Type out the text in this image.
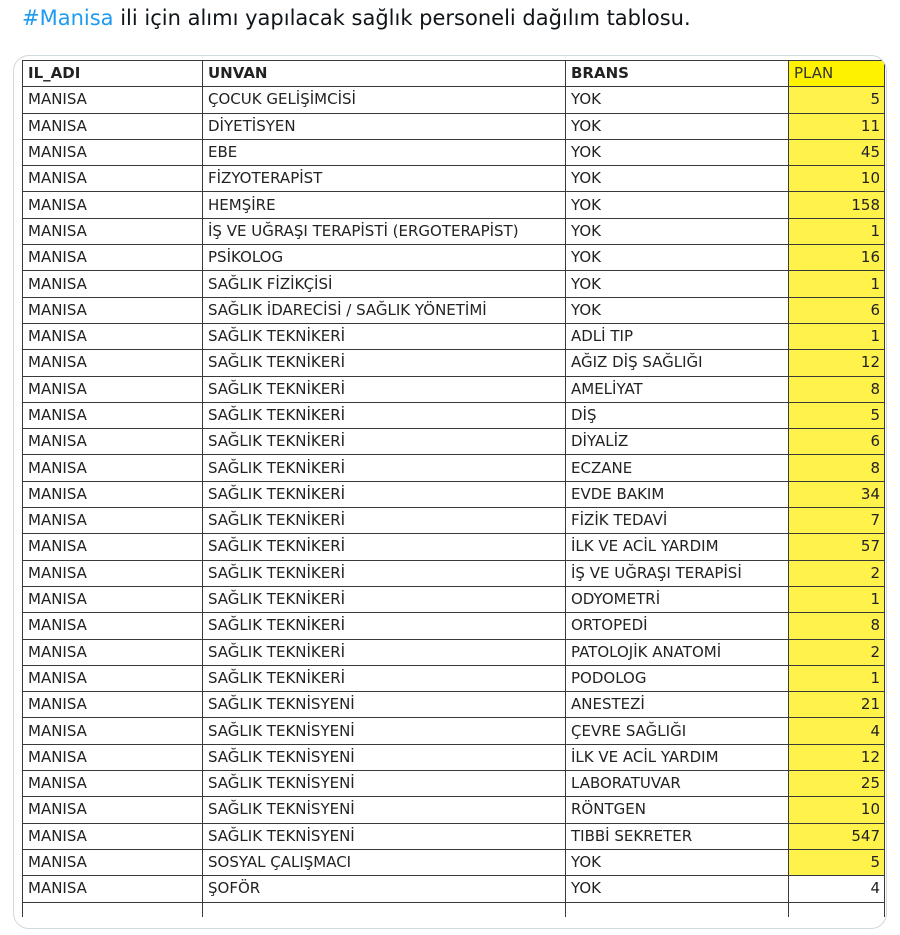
#Manisa ili için alımı yapılacak sağlık personeli dağılım tablosu.
IL_ADI	UNVAN	BRANS	PLAN
MANISA	ÇOCUK GELİŞİMCİSİ	YOK	5
MANISA	DİYETİSYEN	YOK	11
MANISA	EBE	YOK	45
MANISA	FİZYOTERAPİST	YOK	10
MANISA	HEMŞİRE	YOK	158
MANISA	İŞ VE UĞRAŞI TERAPİSTİ (ERGOTERAPİST)	YOK	1
MANISA	PSİKOLOG	YOK	16
MANISA	SAĞLIK FİZİKÇİSİ	YOK	1
MANISA	SAĞLIK İDARECİSİ / SAĞLIK YÖNETİMİ	YOK	6
MANISA	SAĞLIK TEKNİKERİ	ADLİ TIP	1
MANISA	SAĞLIK TEKNİKERİ	AĞIZ DİŞ SAĞLIĞI	12
MANISA	SAĞLIK TEKNİKERİ	AMELİYAT	8
MANISA	SAĞLIK TEKNİKERİ	DİŞ	5
MANISA	SAĞLIK TEKNİKERİ	DİYALİZ	6
MANISA	SAĞLIK TEKNİKERİ	ECZANE	8
MANISA	SAĞLIK TEKNİKERİ	EVDE BAKIM	34
MANISA	SAĞLIK TEKNİKERİ	FİZİK TEDAVİ	7
MANISA	SAĞLIK TEKNİKERİ	İLK VE ACİL YARDIM	57
MANISA	SAĞLIK TEKNİKERİ	İŞ VE UĞRAŞI TERAPİSİ	2
MANISA	SAĞLIK TEKNİKERİ	ODYOMETRİ	1
MANISA	SAĞLIK TEKNİKERİ	ORTOPEDİ	8
MANISA	SAĞLIK TEKNİKERİ	PATOLOJİK ANATOMİ	2
MANISA	SAĞLIK TEKNİKERİ	PODOLOG	1
MANISA	SAĞLIK TEKNİSYENİ	ANESTEZİ	21
MANISA	SAĞLIK TEKNİSYENİ	ÇEVRE SAĞLIĞI	4
MANISA	SAĞLIK TEKNİSYENİ	İLK VE ACİL YARDIM	12
MANISA	SAĞLIK TEKNİSYENİ	LABORATUVAR	25
MANISA	SAĞLIK TEKNİSYENİ	RÖNTGEN	10
MANISA	SAĞLIK TEKNİSYENİ	TIBBİ SEKRETER	547
MANISA	SOSYAL ÇALIŞMACI	YOK	5
MANISA	ŞOFÖR	YOK	4
